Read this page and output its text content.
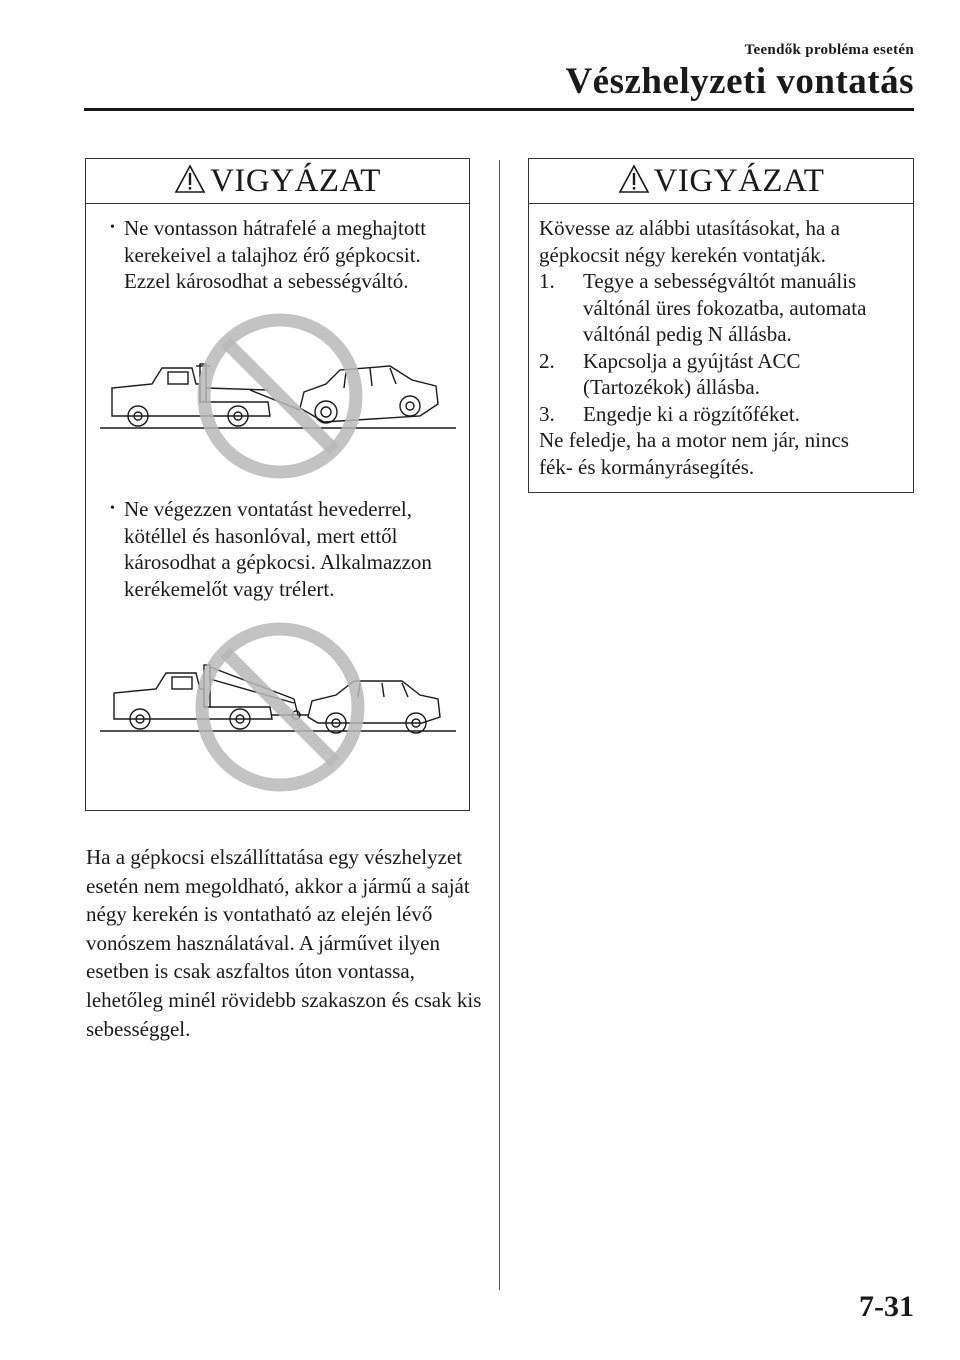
Teendők probléma esetén
Vészhelyzeti vontatás
VIGYÁZAT
• Ne vontasson hátrafelé a meghajtott kerekeivel a talajhoz érő gépkocsit. Ezzel károsodhat a sebességváltó.
• Ne végezzen vontatást hevederrel, kötéllel és hasonlóval, mert ettől károsodhat a gépkocsi. Alkalmazzon kerékemelőt vagy trélert.
VIGYÁZAT
Kövesse az alábbi utasításokat, ha a gépkocsit négy kerekén vontatják.
1. Tegye a sebességváltót manuális váltónál üres fokozatba, automata váltónál pedig N állásba.
2. Kapcsolja a gyújtást ACC (Tartozékok) állásba.
3. Engedje ki a rögzítőféket.
Ne feledje, ha a motor nem jár, nincs fék- és kormányrásegítés.
Ha a gépkocsi elszállíttatása egy vészhelyzet esetén nem megoldható, akkor a jármű a saját négy kerekén is vontatható az elején lévő vonószem használatával. A járművet ilyen esetben is csak aszfaltos úton vontassa, lehetőleg minél rövidebb szakaszon és csak kis sebességgel.
7-31
